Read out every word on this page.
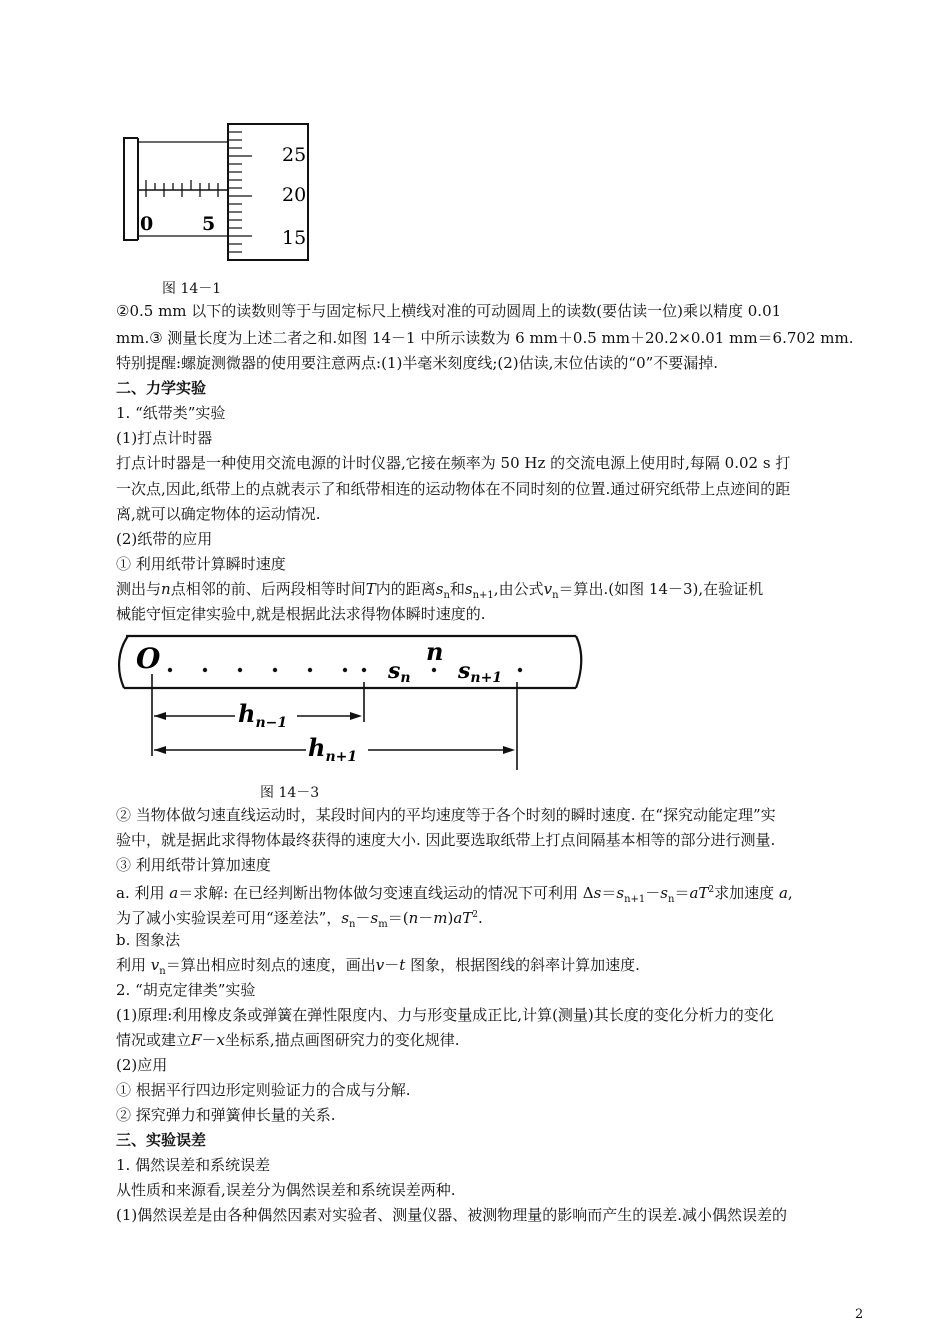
25
20
15
0	5
图 14－1
②0.5 mm 以下的读数则等于与固定标尺上横线对准的可动圆周上的读数(要估读一位)乘以精度 0.01
mm.③ 测量长度为上述二者之和.如图 14－1 中所示读数为 6 mm＋0.5 mm＋20.2×0.01 mm＝6.702 mm.
特别提醒:螺旋测微器的使用要注意两点:(1)半毫米刻度线;(2)估读,末位估读的“0”不要漏掉.
二、力学实验
1. “纸带类”实验
(1)打点计时器
打点计时器是一种使用交流电源的计时仪器,它接在频率为 50 Hz 的交流电源上使用时,每隔 0.02 s 打
一次点,因此,纸带上的点就表示了和纸带相连的运动物体在不同时刻的位置.通过研究纸带上点迹间的距
离,就可以确定物体的运动情况.
(2)纸带的应用
① 利用纸带计算瞬时速度
测出与n点相邻的前、后两段相等时间T内的距离$s_n$和$s_{n+1}$,由公式$v_n=$算出.(如图 14－3),在验证机
械能守恒定律实验中,就是根据此法求得物体瞬时速度的.
O	sn
n
sn+1
$h_{n-1}$
$h_{n+1}$
图 14－3
② 当物体做匀速直线运动时，某段时间内的平均速度等于各个时刻的瞬时速度. 在“探究动能定理”实
验中，就是据此求得物体最终获得的速度大小. 因此要选取纸带上打点间隔基本相等的部分进行测量.
③ 利用纸带计算加速度
a. 利用 a＝求解: 在已经判断出物体做匀变速直线运动的情况下可利用 $\Delta s=s_{n+1}-s_n=aT^2$求加速度 a,
为了减小实验误差可用“逐差法”，$s_n-s_m=(n-m)aT^2$.
b. 图象法
利用 $v_n=$算出相应时刻点的速度，画出v－t 图象，根据图线的斜率计算加速度.
2. “胡克定律类”实验
(1)原理:利用橡皮条或弹簧在弹性限度内、力与形变量成正比,计算(测量)其长度的变化分析力的变化
情况或建立F－x坐标系,描点画图研究力的变化规律.
(2)应用
① 根据平行四边形定则验证力的合成与分解.
② 探究弹力和弹簧伸长量的关系.
三、实验误差
1. 偶然误差和系统误差
从性质和来源看,误差分为偶然误差和系统误差两种.
(1)偶然误差是由各种偶然因素对实验者、测量仪器、被测物理量的影响而产生的误差.减小偶然误差的
2
